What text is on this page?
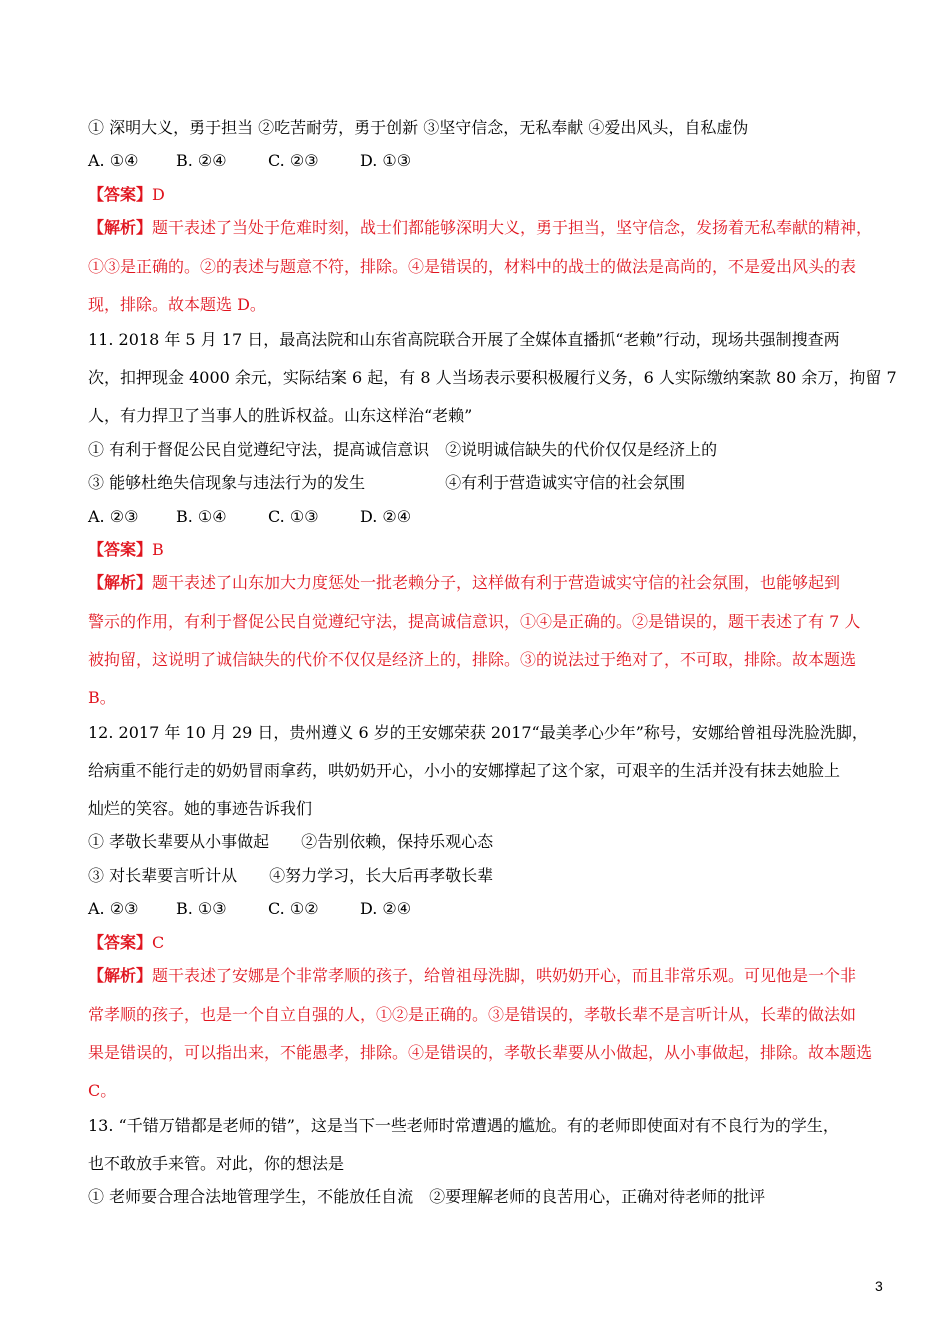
① 深明大义，勇于担当 ②吃苦耐劳，勇于创新 ③坚守信念，无私奉献 ④爱出风头，自私虚伪
A. ①④ B. ②④	C. ②③	D. ①③
【答案】D
【解析】题干表述了当处于危难时刻，战士们都能够深明大义，勇于担当，坚守信念，发扬着无私奉献的精神，
①③是正确的。②的表述与题意不符，排除。④是错误的，材料中的战士的做法是高尚的，不是爱出风头的表
现，排除。故本题选 D。
11. 2018 年 5 月 17 日，最高法院和山东省高院联合开展了全媒体直播抓“老赖”行动，现场共强制搜查两
次，扣押现金 4000 余元，实际结案 6 起，有 8 人当场表示要积极履行义务，6 人实际缴纳案款 80 余万，拘留 7
人，有力捍卫了当事人的胜诉权益。山东这样治“老赖”
① 有利于督促公民自觉遵纪守法，提高诚信意识　②说明诚信缺失的代价仅仅是经济上的
③ 能够杜绝失信现象与违法行为的发生　　　　　④有利于营造诚实守信的社会氛围
A. ②③ B. ①④	C. ①③	D. ②④
【答案】B
【解析】题干表述了山东加大力度惩处一批老赖分子，这样做有利于营造诚实守信的社会氛围，也能够起到
警示的作用，有利于督促公民自觉遵纪守法，提高诚信意识，①④是正确的。②是错误的，题干表述了有 7 人
被拘留，这说明了诚信缺失的代价不仅仅是经济上的，排除。③的说法过于绝对了，不可取，排除。故本题选
B。
12. 2017 年 10 月 29 日，贵州遵义 6 岁的王安娜荣获 2017“最美孝心少年”称号，安娜给曾祖母洗脸洗脚，
给病重不能行走的奶奶冒雨拿药，哄奶奶开心，小小的安娜撑起了这个家，可艰辛的生活并没有抹去她脸上
灿烂的笑容。她的事迹告诉我们
① 孝敬长辈要从小事做起　　②告别依赖，保持乐观心态
③ 对长辈要言听计从　　④努力学习，长大后再孝敬长辈
A. ②③ B. ①③	C. ①②	D. ②④
【答案】C
【解析】题干表述了安娜是个非常孝顺的孩子，给曾祖母洗脚，哄奶奶开心，而且非常乐观。可见他是一个非
常孝顺的孩子，也是一个自立自强的人，①②是正确的。③是错误的，孝敬长辈不是言听计从，长辈的做法如
果是错误的，可以指出来，不能愚孝，排除。④是错误的，孝敬长辈要从小做起，从小事做起，排除。故本题选
C。
13. “千错万错都是老师的错”，这是当下一些老师时常遭遇的尴尬。有的老师即使面对有不良行为的学生，
也不敢放手来管。对此，你的想法是
① 老师要合理合法地管理学生，不能放任自流　②要理解老师的良苦用心，正确对待老师的批评
3
